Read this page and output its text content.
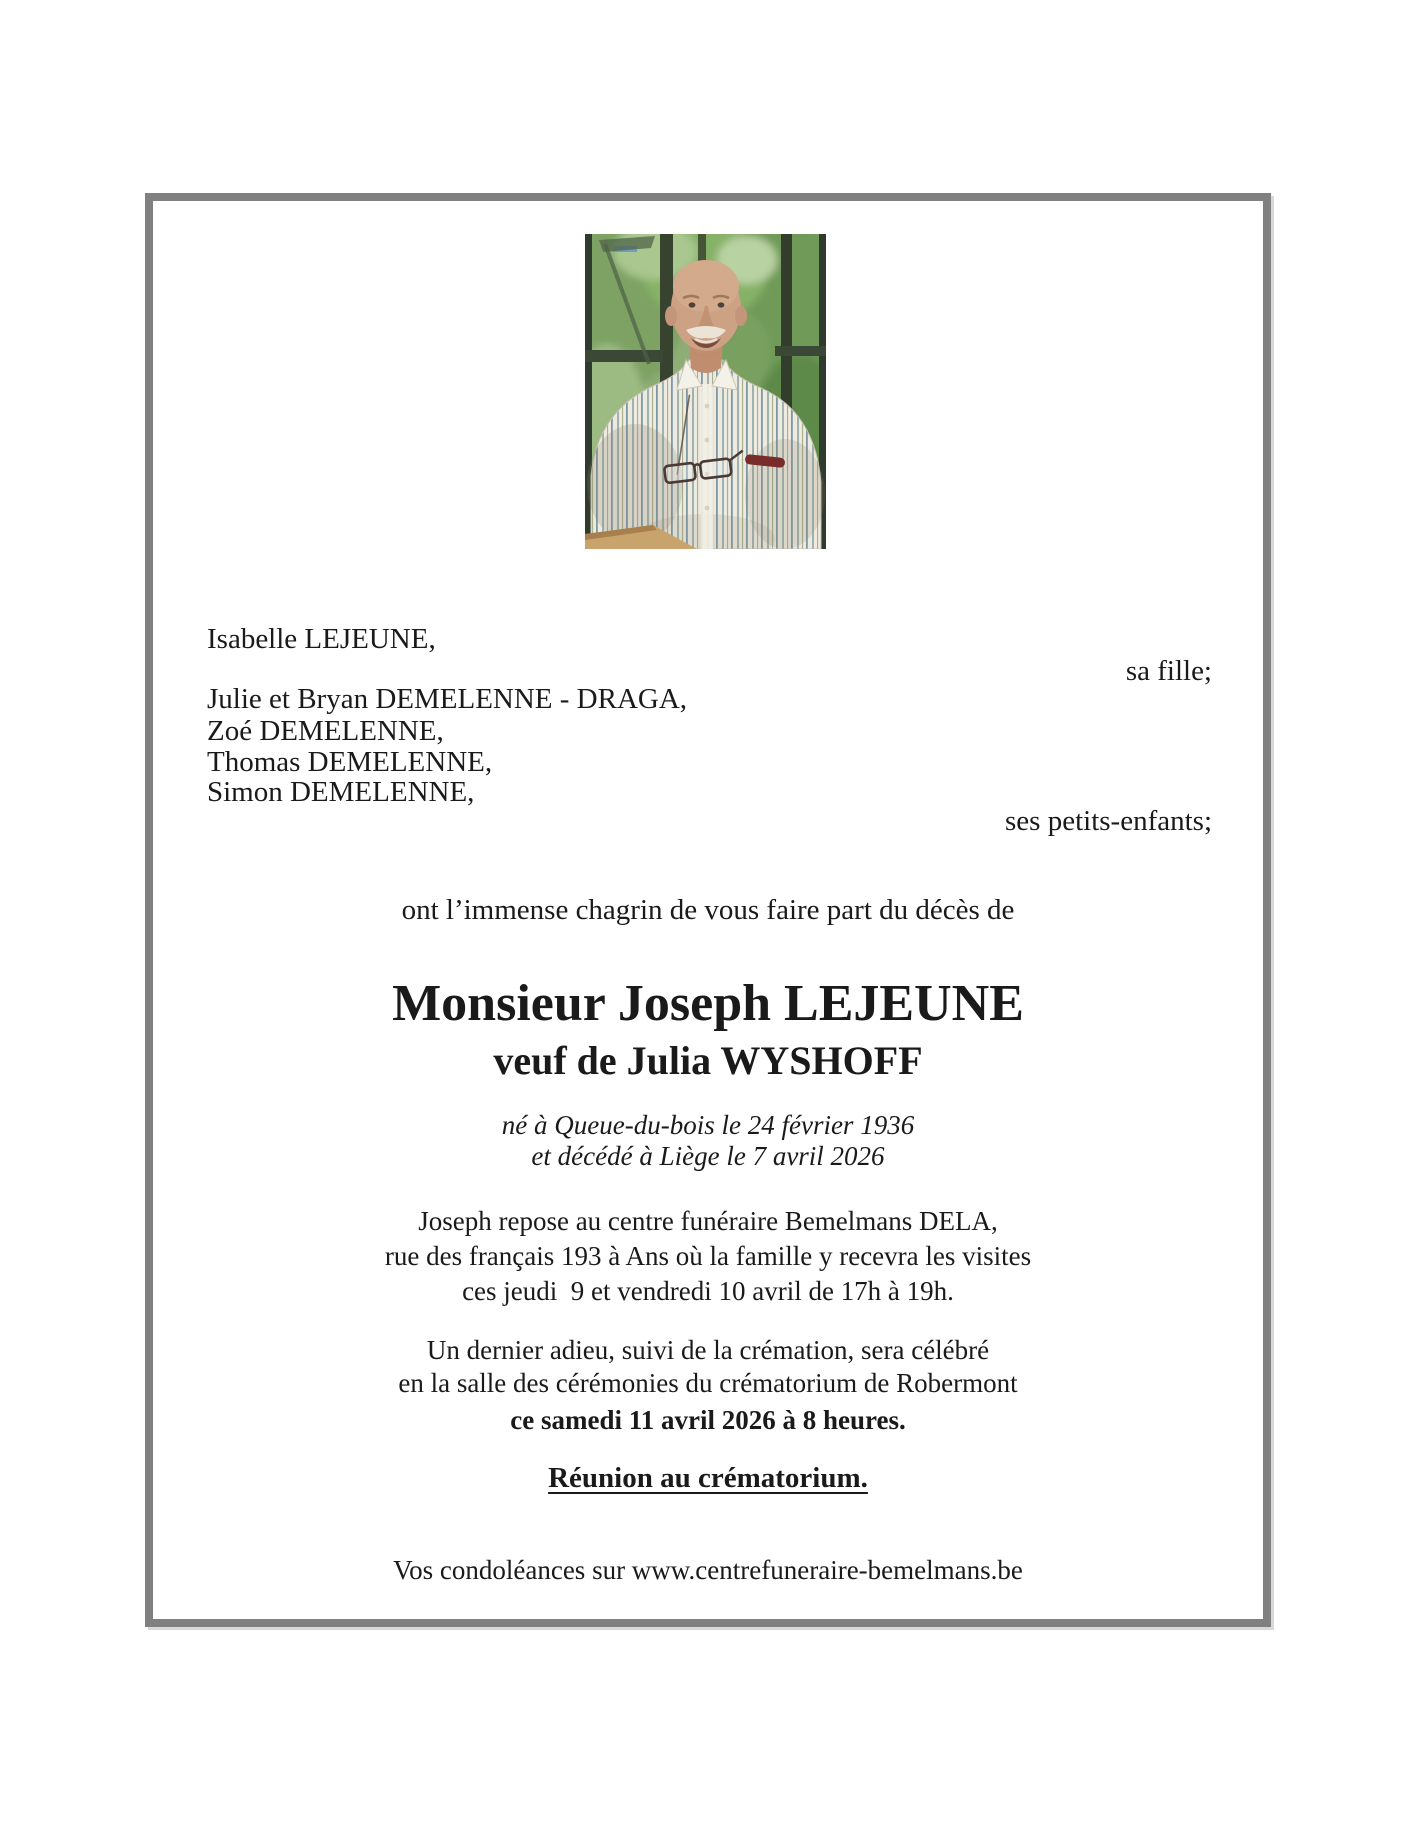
Isabelle LEJEUNE,
sa fille;
Julie et Bryan DEMELENNE - DRAGA,
Zoé DEMELENNE,
Thomas DEMELENNE,
Simon DEMELENNE,
ses petits-enfants;
ont l’immense chagrin de vous faire part du décès de
Monsieur Joseph LEJEUNE
veuf de Julia WYSHOFF
né à Queue-du-bois le 24 février 1936
et décédé à Liège le 7 avril 2026
Joseph repose au centre funéraire Bemelmans DELA,
rue des français 193 à Ans où la famille y recevra les visites
ces jeudi  9 et vendredi 10 avril de 17h à 19h.
Un dernier adieu, suivi de la crémation, sera célébré
en la salle des cérémonies du crématorium de Robermont
ce samedi 11 avril 2026 à 8 heures.
Réunion au crématorium.
Vos condoléances sur www.centrefuneraire-bemelmans.be
